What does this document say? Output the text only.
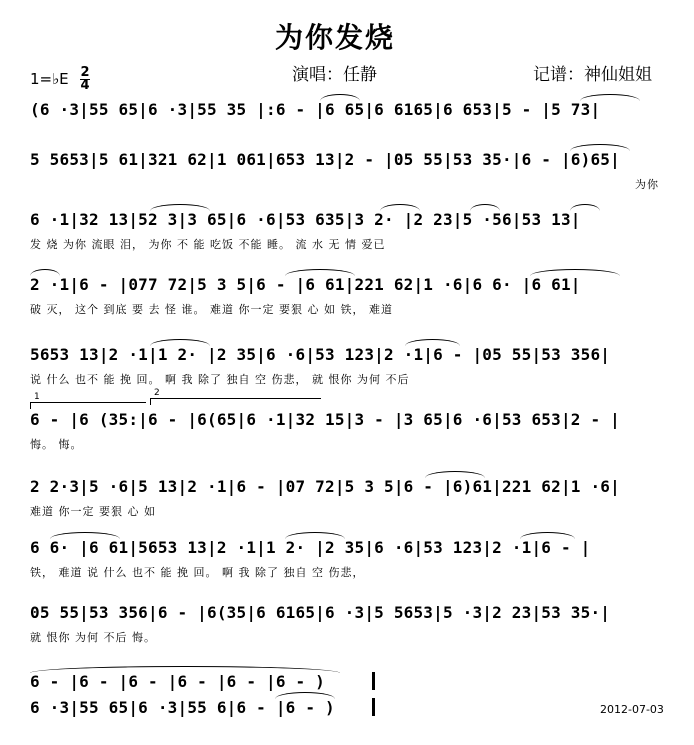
为你发烧
演唱：任静	记谱：神仙姐姐
1=♭E 2
4
(6 ·3|55 65|6 ·3|55 35 |:6 - |6 65|6 6165|6 653|5 - |5 73|
5 5653|5 61|321 62|1 061|653 13|2 - |05 55|53 35·|6 - |6)65|
为你
6 ·1|32 13|52 3|3 65|6 ·6|53 635|3 2· |2 23|5 ·56|53 13|
发 烧 为你 流眼 泪， 为你 不 能 吃饭 不能 睡。 流 水 无 情 爱已
2 ·1|6 - |077 72|5 3 5|6 - |6 61|221 62|1 ·6|6 6· |6 61|
破 灭， 这个 到底 要 去 怪 谁。 难道 你一定 要狠 心 如 铁， 难道
5653 13|2 ·1|1 2· |2 35|6 ·6|53 123|2 ·1|6 - |05 55|53 356|
说 什么 也不 能 挽 回。 啊 我 除了 独自 空 伤悲， 就 恨你 为何 不后
6 - |6 (35:|6 - |6(65|6 ·1|32 15|3 - |3 65|6 ·6|53 653|2 - |
悔。 悔。
1	2
2 2·3|5 ·6|5 13|2 ·1|6 - |07 72|5 3 5|6 - |6)61|221 62|1 ·6|
难道 你一定 要狠 心 如
6 6· |6 61|5653 13|2 ·1|1 2· |2 35|6 ·6|53 123|2 ·1|6 - |
铁， 难道 说 什么 也不 能 挽 回。 啊 我 除了 独自 空 伤悲，
05 55|53 356|6 - |6(35|6 6165|6 ·3|5 5653|5 ·3|2 23|53 35·|
就 恨你 为何 不后 悔。
6 - |6 - |6 - |6 - |6 - |6 - )
6 ·3|55 65|6 ·3|55 6|6 - |6 - )	2012-07-03
